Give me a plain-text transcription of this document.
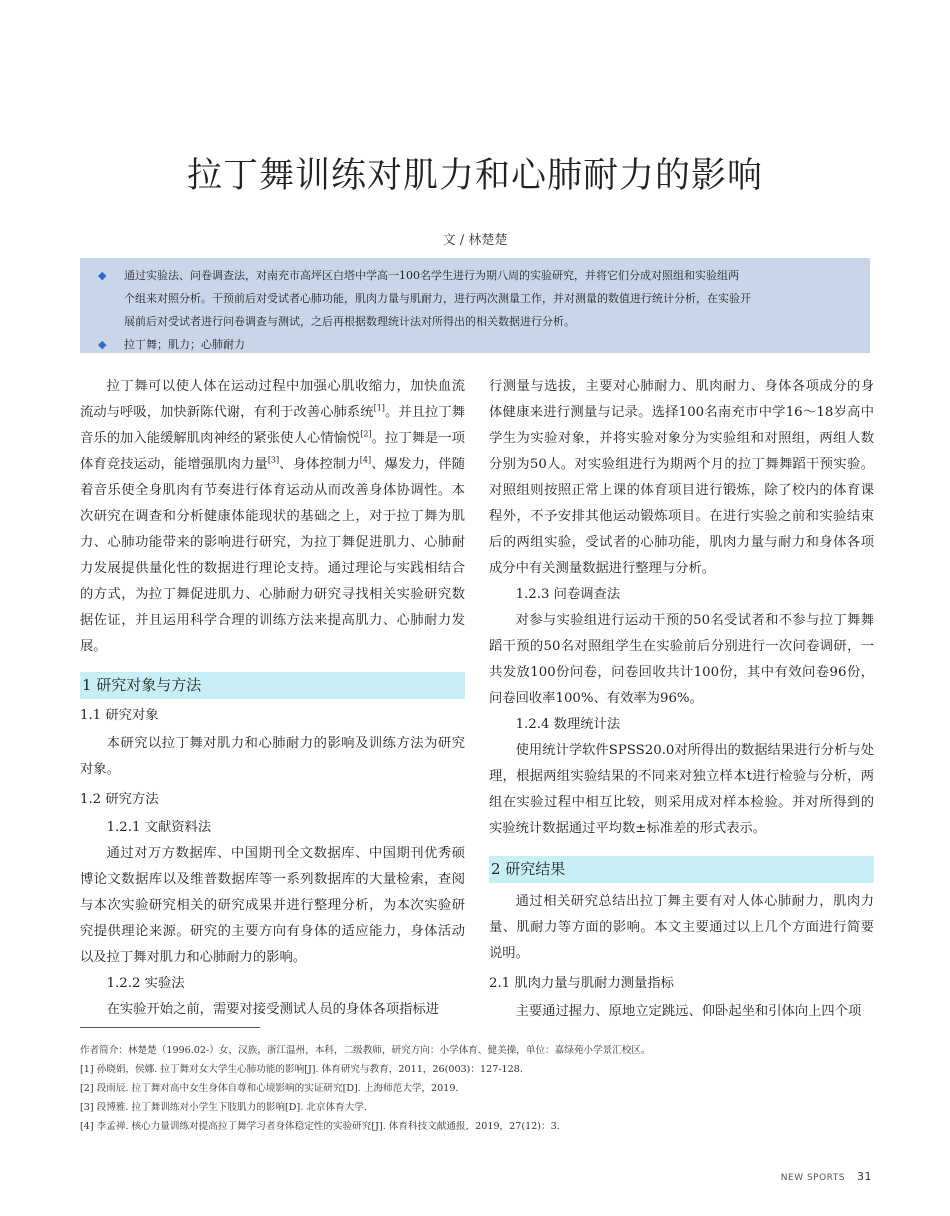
拉丁舞训练对肌力和心肺耐力的影响
文 / 林楚楚
◆ 通过实验法、问卷调查法，对南充市高坪区白塔中学高一100名学生进行为期八周的实验研究，并将它们分成对照组和实验组两
个组来对照分析。干预前后对受试者心肺功能，肌肉力量与肌耐力，进行两次测量工作，并对测量的数值进行统计分析，在实验开
展前后对受试者进行问卷调查与测试，之后再根据数理统计法对所得出的相关数据进行分析。
◆ 拉丁舞；肌力；心肺耐力

拉丁舞可以使人体在运动过程中加强心肌收缩力，加快血流流动与呼吸，加快新陈代谢，有利于改善心肺系统[1]。并且拉丁舞音乐的加入能缓解肌肉神经的紧张使人心情愉悦[2]。拉丁舞是一项体育竞技运动，能增强肌肉力量[3]、身体控制力[4]、爆发力，伴随着音乐使全身肌肉有节奏进行体育运动从而改善身体协调性。本次研究在调查和分析健康体能现状的基础之上，对于拉丁舞为肌力、心肺功能带来的影响进行研究，为拉丁舞促进肌力、心肺耐力发展提供量化性的数据进行理论支持。通过理论与实践相结合的方式，为拉丁舞促进肌力、心肺耐力研究寻找相关实验研究数据佐证，并且运用科学合理的训练方法来提高肌力、心肺耐力发展。

1 研究对象与方法
1.1 研究对象

本研究以拉丁舞对肌力和心肺耐力的影响及训练方法为研究对象。

1.2 研究方法
1.2.1 文献资料法

通过对万方数据库、中国期刊全文数据库、中国期刊优秀硕博论文数据库以及维普数据库等一系列数据库的大量检索，查阅与本次实验研究相关的研究成果并进行整理分析，为本次实验研究提供理论来源。研究的主要方向有身体的适应能力，身体活动以及拉丁舞对肌力和心肺耐力的影响。

1.2.2 实验法

在实验开始之前，需要对接受测试人员的身体各项指标进

行测量与选拔，主要对心肺耐力、肌肉耐力、身体各项成分的身体健康来进行测量与记录。选择100名南充市中学16～18岁高中学生为实验对象，并将实验对象分为实验组和对照组，两组人数分别为50人。对实验组进行为期两个月的拉丁舞舞蹈干预实验。对照组则按照正常上课的体育项目进行锻炼，除了校内的体育课程外，不予安排其他运动锻炼项目。在进行实验之前和实验结束后的两组实验，受试者的心肺功能，肌肉力量与耐力和身体各项成分中有关测量数据进行整理与分析。

1.2.3 问卷调查法

对参与实验组进行运动干预的50名受试者和不参与拉丁舞舞蹈干预的50名对照组学生在实验前后分别进行一次问卷调研，一共发放100份问卷，问卷回收共计100份，其中有效问卷96份，问卷回收率100%、有效率为96%。

1.2.4 数理统计法

使用统计学软件SPSS20.0对所得出的数据结果进行分析与处理，根据两组实验结果的不同来对独立样本t进行检验与分析，两组在实验过程中相互比较，则采用成对样本检验。并对所得到的实验统计数据通过平均数±标准差的形式表示。

2 研究结果

通过相关研究总结出拉丁舞主要有对人体心肺耐力，肌肉力量、肌耐力等方面的影响。本文主要通过以上几个方面进行简要说明。

2.1 肌肉力量与肌耐力测量指标

主要通过握力、原地立定跳远、仰卧起坐和引体向上四个项

作者简介：林楚楚（1996.02-）女，汉族，浙江温州，本科，二级教师，研究方向：小学体育、健美操，单位：嘉绿苑小学景汇校区。
[1] 孙晓娟，侯娜. 拉丁舞对女大学生心肺功能的影响[J]. 体育研究与教育，2011，26(003)：127-128.
[2] 段雨辰. 拉丁舞对高中女生身体自尊和心境影响的实证研究[D]. 上海师范大学，2019.
[3] 段博雅. 拉丁舞训练对小学生下肢肌力的影响[D]. 北京体育大学.
[4] 李孟禅. 核心力量训练对提高拉丁舞学习者身体稳定性的实验研究[J]. 体育科技文献通报，2019，27(12)：3.
NEW SPORTS 31
